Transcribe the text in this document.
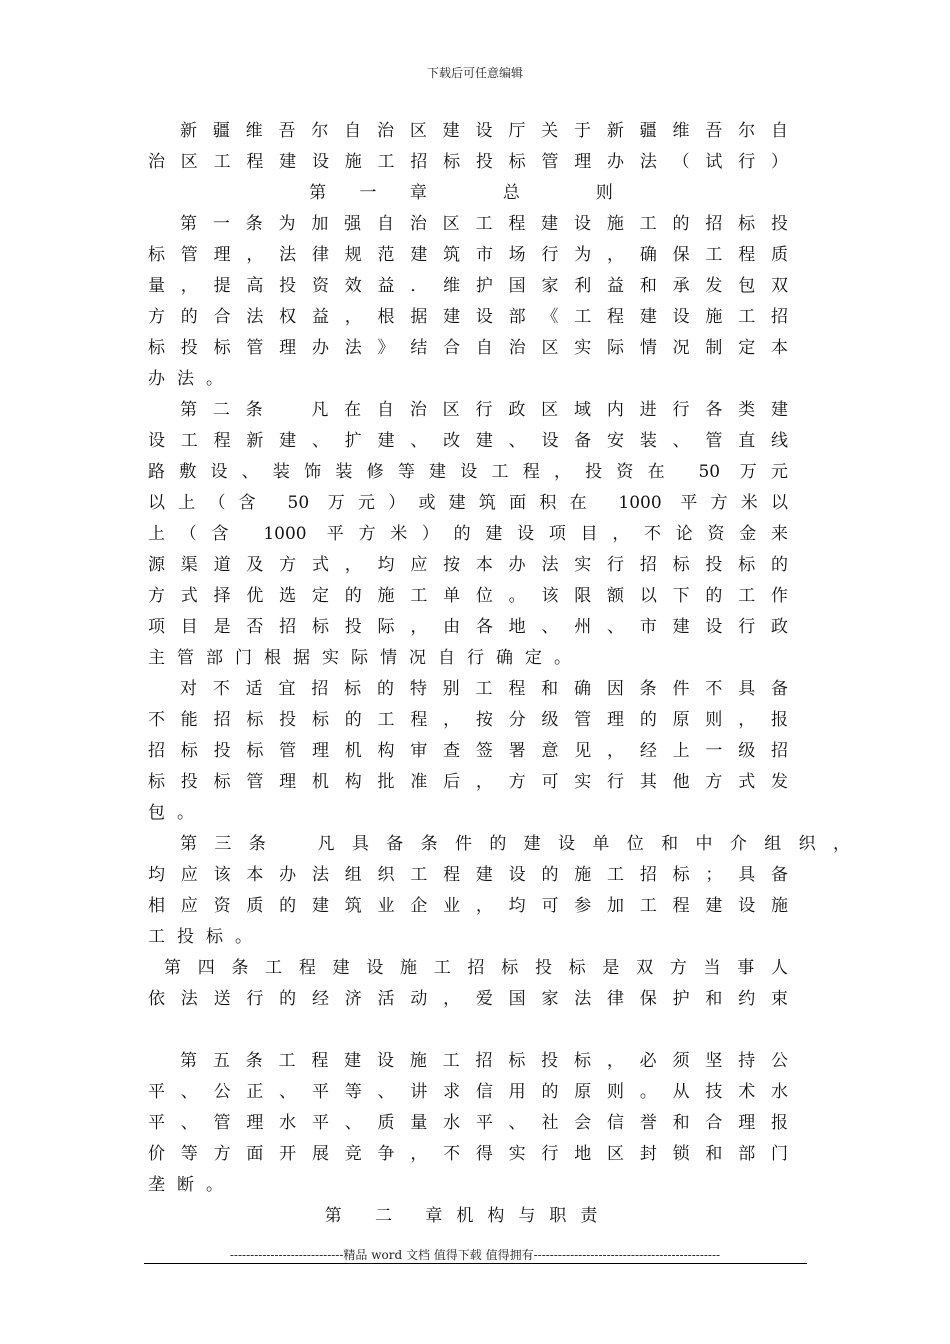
下载后可任意编辑
新疆维吾尔自治区建设厅关于新疆维吾尔自
治区工程建设施工招标投标管理办法（试行）
第 一 章　　总　　则
第一条为加强自治区工程建设施工的招标投
标管理，法律规范建筑市场行为，确保工程质
量，提高投资效益．维护国家利益和承发包双
方的合法权益，根据建设部《工程建设施工招
标投标管理办法》结合自治区实际情况制定本
办法。
第二条　凡在自治区行政区域内进行各类建
设工程新建、扩建、改建、设备安装、管直线
路敷设、装饰装修等建设工程，投资在 50 万元
以上（含 50 万元）或建筑面积在 1000 平方米以
上（含 1000 平方米）的建设项目，不论资金来
源渠道及方式，均应按本办法实行招标投标的
方式择优选定的施工单位。该限额以下的工作
项目是否招标投际，由各地、州、市建设行政
主管部门根据实际情况自行确定。
对不适宜招标的特别工程和确因条件不具备
不能招标投标的工程，按分级管理的原则，报
招标投标管理机构审查签署意见，经上一级招
标投标管理机构批准后，方可实行其他方式发
包。
第三条　凡具备条件的建设单位和中介组织，
均应该本办法组织工程建设的施工招标；具备
相应资质的建筑业企业，均可参加工程建设施
工投标。
第四条工程建设施工招标投标是双方当事人
依法送行的经济活动，爱国家法律保护和约束
第五条工程建设施工招标投标，必须坚持公
平、公正、平等、讲求信用的原则。从技术水
平、管理水平、质量水平、社会信誉和合理报
价等方面开展竞争，不得实行地区封锁和部门
垄断。
第 二 章机构与职责
----------------------------精品 word 文档 值得下载 值得拥有----------------------------------------------
